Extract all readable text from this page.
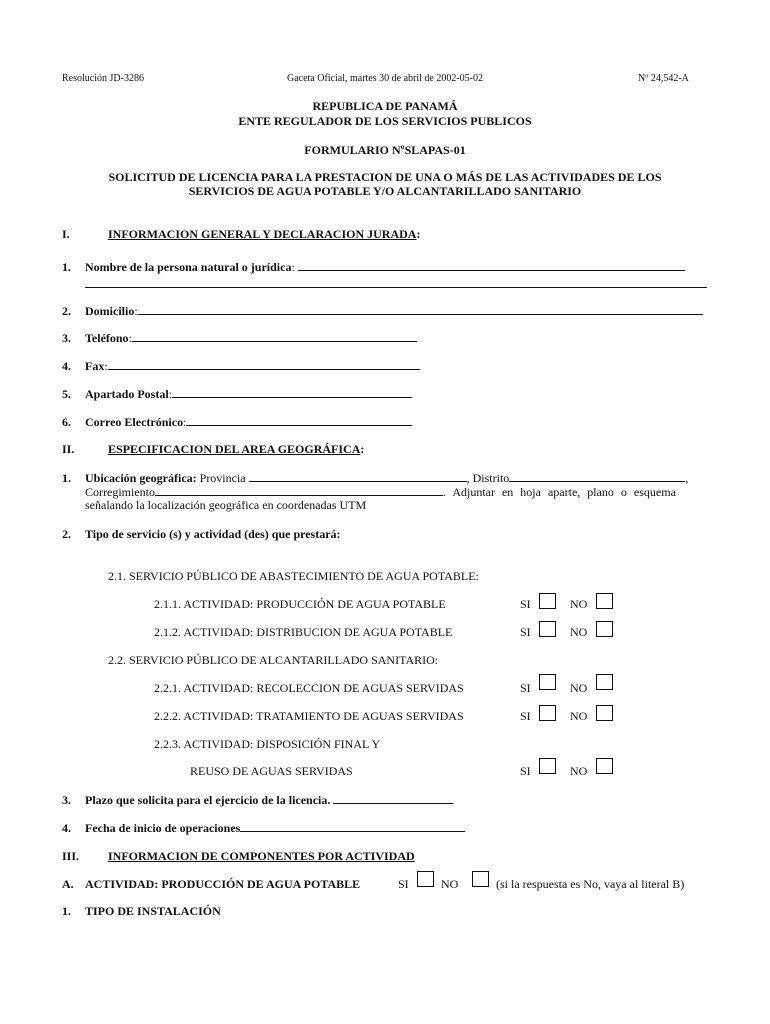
Resolución JD-3286	Gaceta Oficial, martes 30 de abril de 2002-05-02	Nº 24,542-A
REPUBLICA DE PANAMÁ
ENTE REGULADOR DE LOS SERVICIOS PUBLICOS
FORMULARIO NºSLAPAS-01
SOLICITUD DE LICENCIA PARA LA PRESTACION DE UNA O MÁS DE LAS ACTIVIDADES DE LOS
SERVICIOS DE AGUA POTABLE Y/O ALCANTARILLADO SANITARIO
I.	INFORMACION GENERAL Y DECLARACION JURADA:
1. Nombre de la persona natural o jurídica:
2. Domicilio:
3. Teléfono:
4. Fax:
5. Apartado Postal:
6. Correo Electrónico:
II.	ESPECIFICACION DEL AREA GEOGRÁFICA:
1. Ubicación geográfica: Provincia	, Distrito	,
Corregimiento	. Adjuntar en hoja aparte, plano o esquema
señalando la localización geográfica en coordenadas UTM
2. Tipo de servicio (s) y actividad (des) que prestará:
2.1. SERVICIO PÚBLICO DE ABASTECIMIENTO DE AGUA POTABLE:
2.1.1. ACTIVIDAD: PRODUCCIÓN DE AGUA POTABLE	SI	NO
2.1.2. ACTIVIDAD: DISTRIBUCION DE AGUA POTABLE	SI	NO
2.2. SERVICIO PÚBLICO DE ALCANTARILLADO SANITARIO:
2.2.1. ACTIVIDAD: RECOLECCION DE AGUAS SERVIDAS	SI	NO
2.2.2. ACTIVIDAD: TRATAMIENTO DE AGUAS SERVIDAS	SI	NO
2.2.3. ACTIVIDAD: DISPOSICIÓN FINAL Y
REUSO DE AGUAS SERVIDAS	SI	NO
3. Plazo que solicita para el ejercicio de la licencia.
4. Fecha de inicio de operaciones
III. INFORMACION DE COMPONENTES POR ACTIVIDAD
A. ACTIVIDAD: PRODUCCIÓN DE AGUA POTABLE	SI	NO	(si la respuesta es No, vaya al literal B)
1. TIPO DE INSTALACIÓN
